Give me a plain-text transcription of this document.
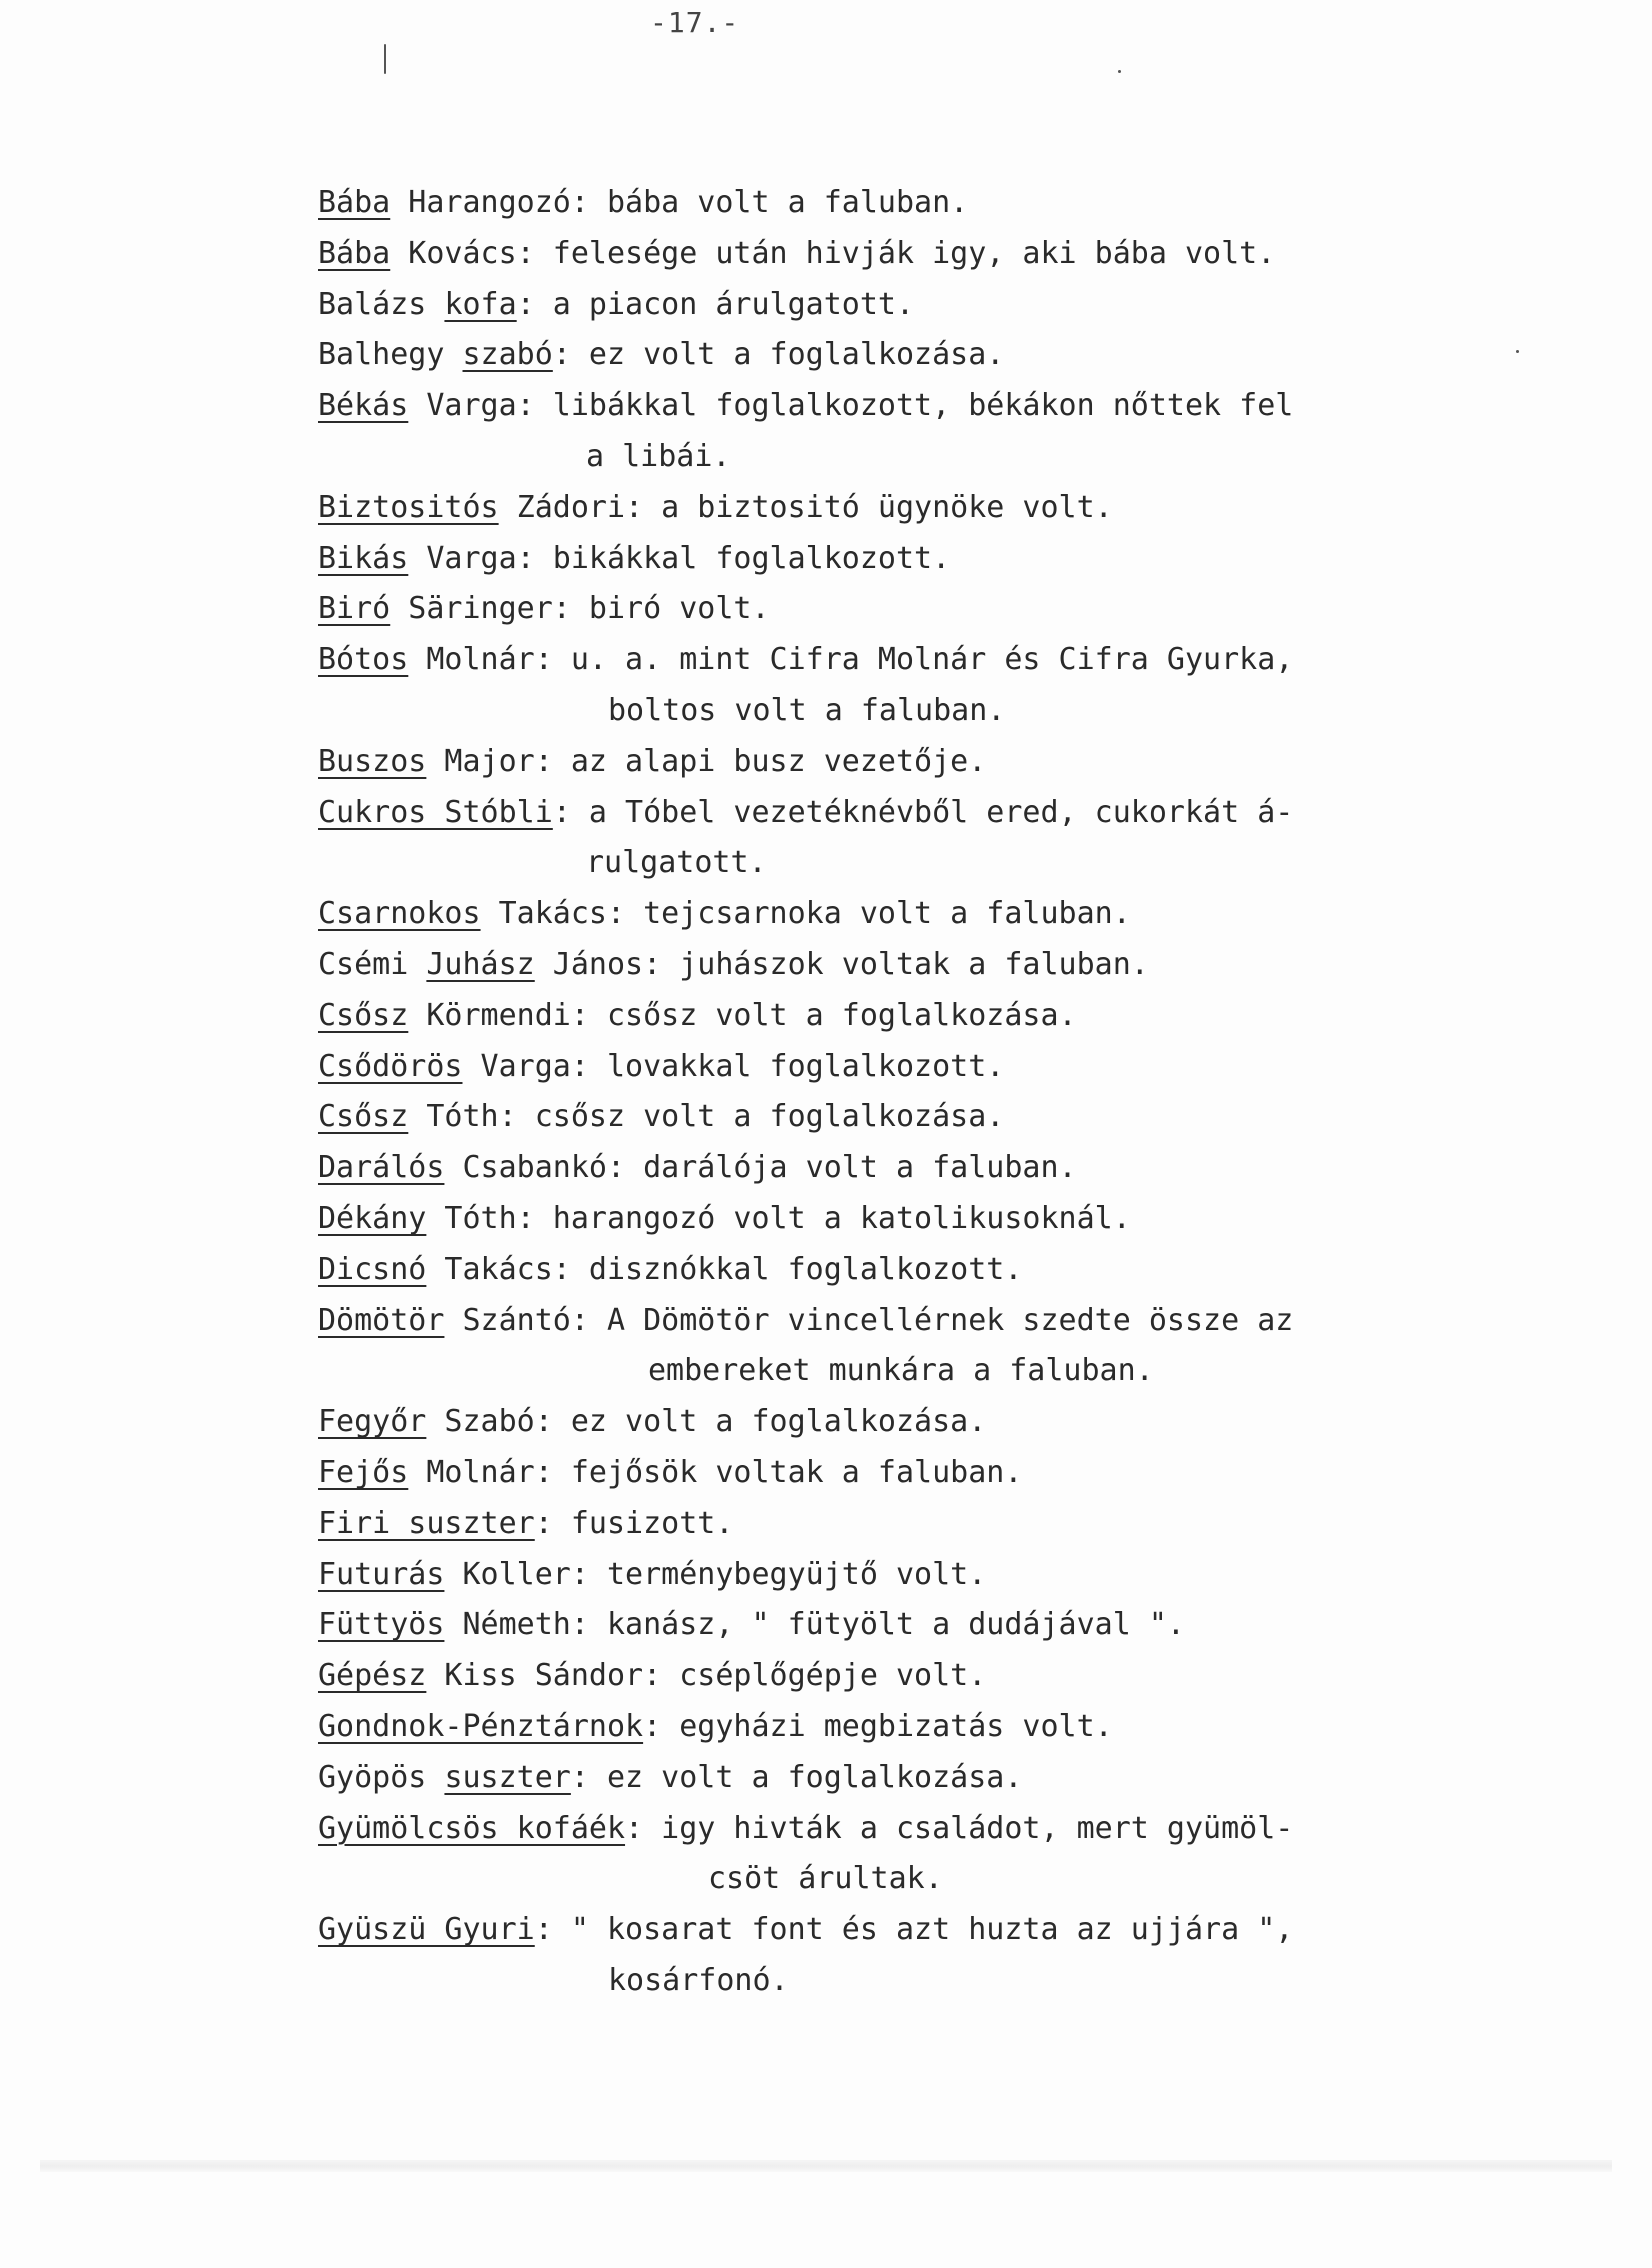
-17.-
Bába Harangozó: bába volt a faluban.
Bába Kovács: felesége után hivják igy, aki bába volt.
Balázs kofa: a piacon árulgatott.
Balhegy szabó: ez volt a foglalkozása.
Békás Varga: libákkal foglalkozott, békákon nőttek fel
a libái.
Biztositós Zádori: a biztositó ügynöke volt.
Bikás Varga: bikákkal foglalkozott.
Biró Säringer: biró volt.
Bótos Molnár: u. a. mint Cifra Molnár és Cifra Gyurka,
boltos volt a faluban.
Buszos Major: az alapi busz vezetője.
Cukros Stóbli: a Tóbel vezetéknévből ered, cukorkát á-
rulgatott.
Csarnokos Takács: tejcsarnoka volt a faluban.
Csémi Juhász János: juhászok voltak a faluban.
Csősz Körmendi: csősz volt a foglalkozása.
Csődörös Varga: lovakkal foglalkozott.
Csősz Tóth: csősz volt a foglalkozása.
Darálós Csabankó: darálója volt a faluban.
Dékány Tóth: harangozó volt a katolikusoknál.
Dicsnó Takács: disznókkal foglalkozott.
Dömötör Szántó: A Dömötör vincellérnek szedte össze az
embereket munkára a faluban.
Fegyőr Szabó: ez volt a foglalkozása.
Fejős Molnár: fejősök voltak a faluban.
Firi suszter: fusizott.
Futurás Koller: terménybegyüjtő volt.
Füttyös Németh: kanász, " fütyölt a dudájával ".
Gépész Kiss Sándor: cséplőgépje volt.
Gondnok-Pénztárnok: egyházi megbizatás volt.
Gyöpös suszter: ez volt a foglalkozása.
Gyümölcsös kofáék: igy hivták a családot, mert gyümöl-
csöt árultak.
Gyüszü Gyuri: " kosarat font és azt huzta az ujjára ",
kosárfonó.
